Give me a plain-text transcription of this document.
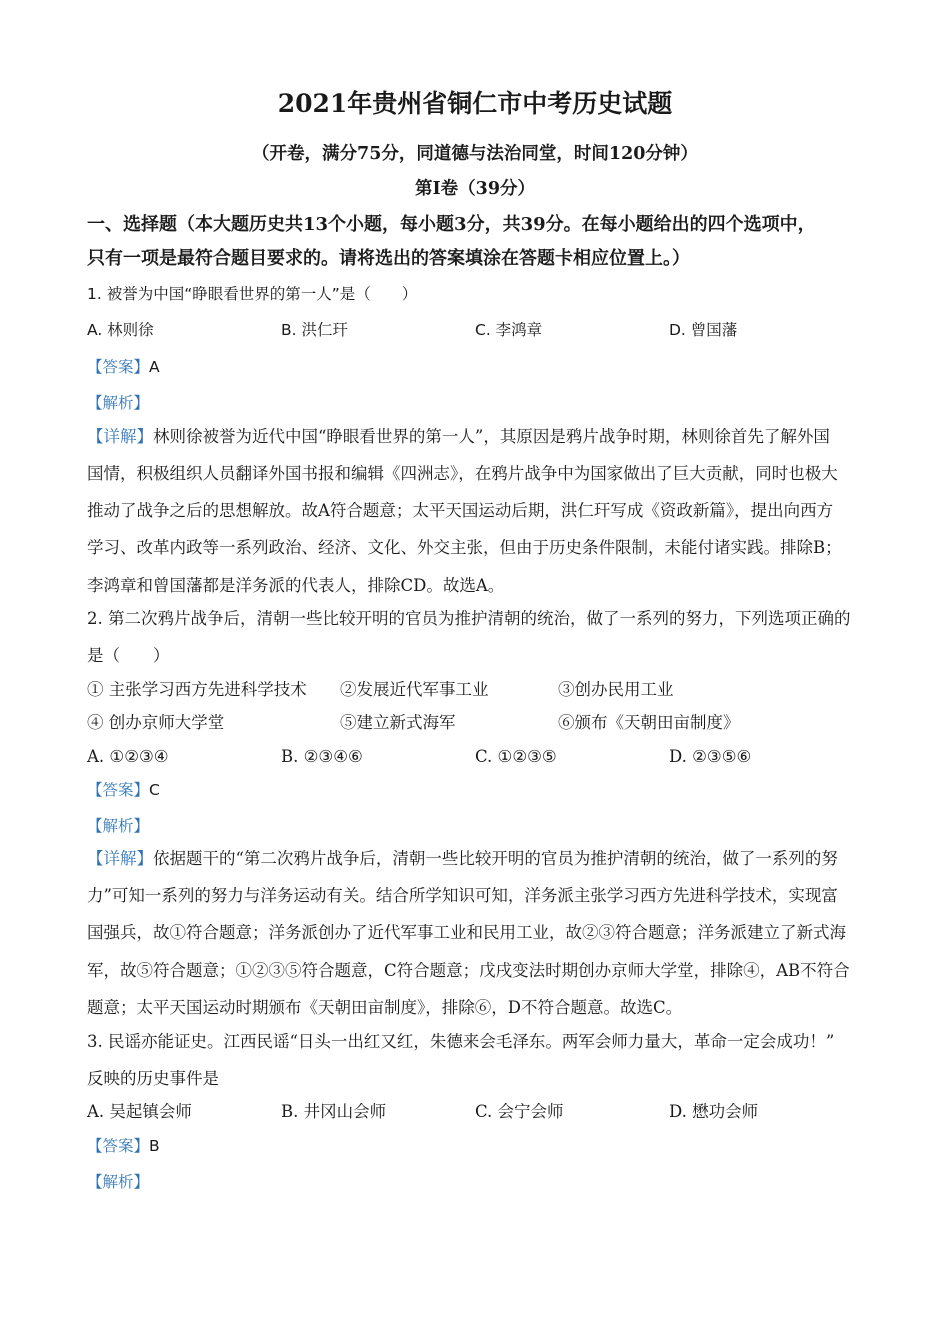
2021年贵州省铜仁市中考历史试题
（开卷，满分75分，同道德与法治同堂，时间120分钟）
第Ⅰ卷（39分）
一、选择题（本大题历史共13个小题，每小题3分，共39分。在每小题给出的四个选项中，
只有一项是最符合题目要求的。请将选出的答案填涂在答题卡相应位置上。）
1. 被誉为中国“睁眼看世界的第一人”是（　　）
A. 林则徐	B. 洪仁玕	C. 李鸿章	D. 曾国藩
【答案】A
【解析】
【详解】林则徐被誉为近代中国“睁眼看世界的第一人”，其原因是鸦片战争时期，林则徐首先了解外国
国情，积极组织人员翻译外国书报和编辑《四洲志》，在鸦片战争中为国家做出了巨大贡献，同时也极大
推动了战争之后的思想解放。故A符合题意；太平天国运动后期，洪仁玕写成《资政新篇》，提出向西方
学习、改革内政等一系列政治、经济、文化、外交主张，但由于历史条件限制，未能付诸实践。排除B；
李鸿章和曾国藩都是洋务派的代表人，排除CD。故选A。
2. 第二次鸦片战争后，清朝一些比较开明的官员为推护清朝的统治，做了一系列的努力，下列选项正确的
是（　　）
① 主张学习西方先进科学技术 ②发展近代军事工业	③创办民用工业
④ 创办京师大学堂	⑤建立新式海军	⑥颁布《天朝田亩制度》
A. ①②③④	B. ②③④⑥	C. ①②③⑤	D. ②③⑤⑥
【答案】C
【解析】
【详解】依据题干的“第二次鸦片战争后，清朝一些比较开明的官员为推护清朝的统治，做了一系列的努
力”可知一系列的努力与洋务运动有关。结合所学知识可知，洋务派主张学习西方先进科学技术，实现富
国强兵，故①符合题意；洋务派创办了近代军事工业和民用工业，故②③符合题意；洋务派建立了新式海
军，故⑤符合题意；①②③⑤符合题意，C符合题意；戊戌变法时期创办京师大学堂，排除④，AB不符合
题意；太平天国运动时期颁布《天朝田亩制度》，排除⑥，D不符合题意。故选C。
3. 民谣亦能证史。江西民谣“日头一出红又红，朱德来会毛泽东。两军会师力量大，革命一定会成功！”
反映的历史事件是
A. 吴起镇会师	B. 井冈山会师	C. 会宁会师	D. 懋功会师
【答案】B
【解析】
